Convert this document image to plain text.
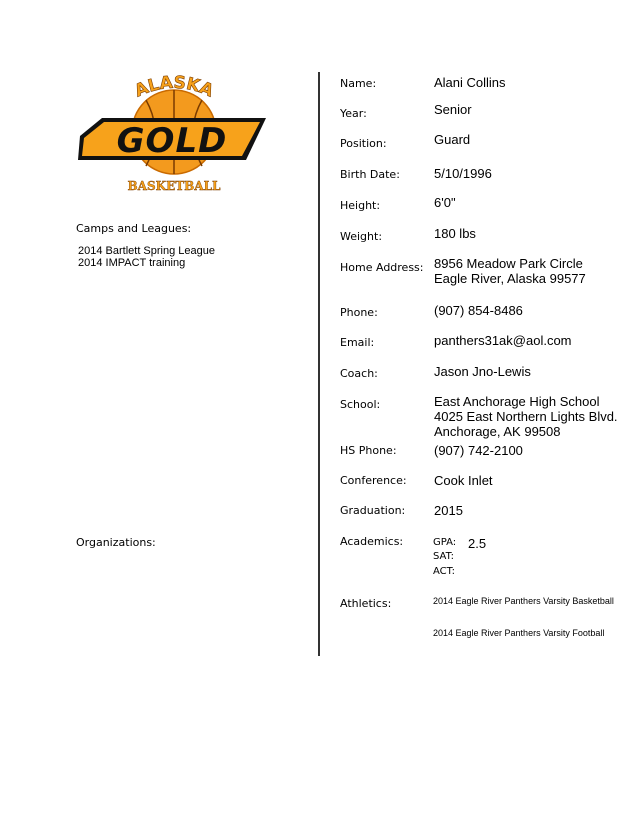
ALASKA
GOLD
BASKETBALL
Camps and Leagues:
2014 Bartlett Spring League
2014 IMPACT training
Organizations:
Name:	Alani Collins
Year:	Senior
Position:	Guard
Birth Date:	5/10/1996
Height:	6'0"
Weight:	180 lbs
Home Address: 8956 Meadow Park Circle
Eagle River, Alaska 99577
Phone:	(907) 854-8486
Email:	panthers31ak@aol.com
Coach:	Jason Jno-Lewis
School:	East Anchorage High School
4025 East Northern Lights Blvd.
Anchorage, AK 99508
HS Phone:	(907) 742-2100
Conference: Cook Inlet
Graduation: 2015
Academics:	GPA: 2.5
SAT:
ACT:
Athletics:	2014 Eagle River Panthers Varsity Basketball
2014 Eagle River Panthers Varsity Football
